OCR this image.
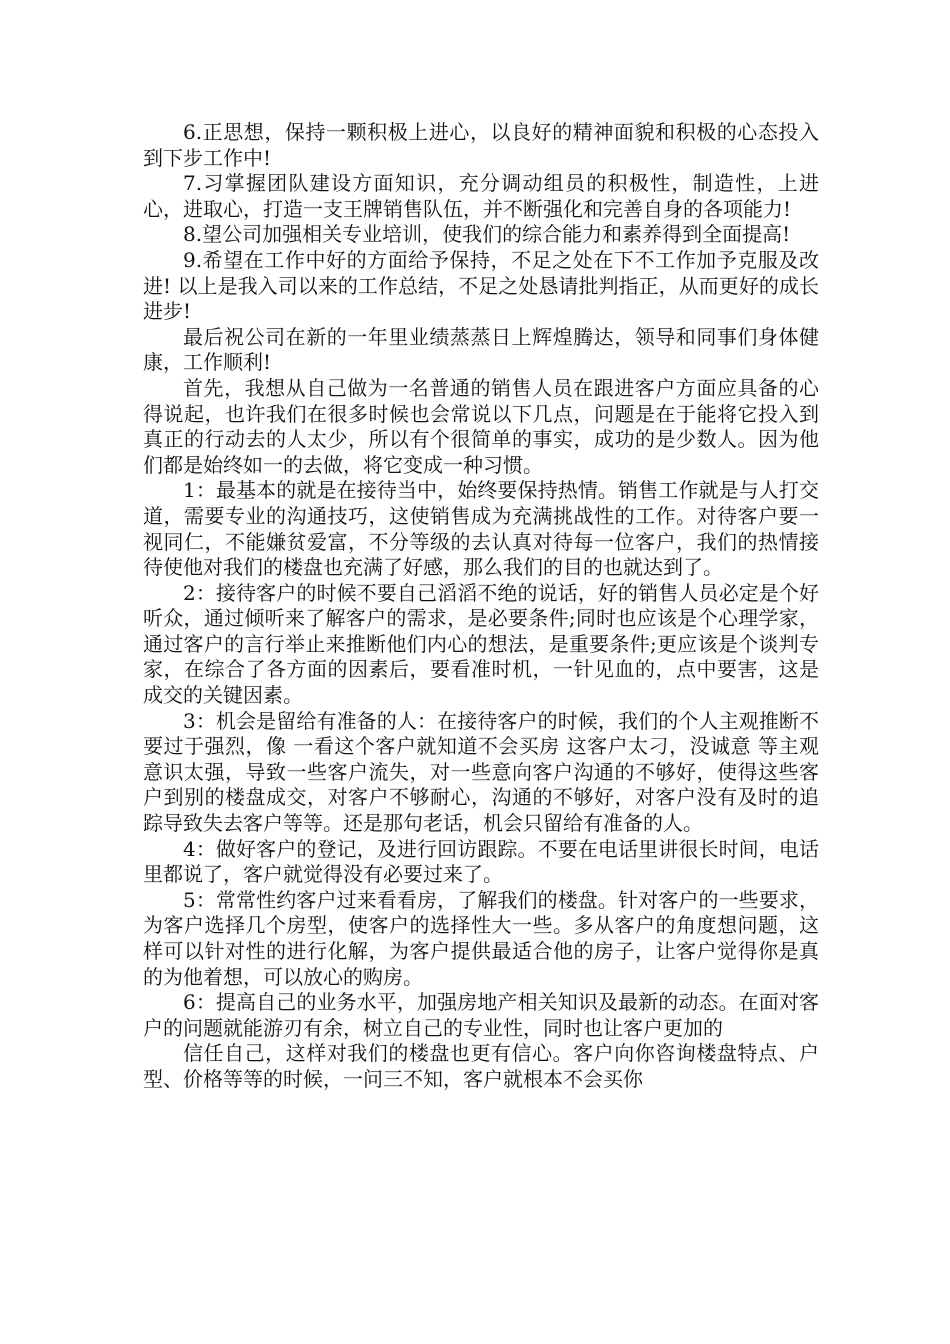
6.正思想，保持一颗积极上进心，以良好的精神面貌和积极的心态投入到下步工作中!

7.习掌握团队建设方面知识，充分调动组员的积极性，制造性，上进心，进取心，打造一支王牌销售队伍，并不断强化和完善自身的各项能力!

8.望公司加强相关专业培训，使我们的综合能力和素养得到全面提高!

9.希望在工作中好的方面给予保持，不足之处在下不工作加予克服及改进! 以上是我入司以来的工作总结，不足之处恳请批判指正，从而更好的成长进步!

最后祝公司在新的一年里业绩蒸蒸日上辉煌腾达，领导和同事们身体健康，工作顺利!

首先，我想从自己做为一名普通的销售人员在跟进客户方面应具备的心得说起，也许我们在很多时候也会常说以下几点，问题是在于能将它投入到真正的行动去的人太少，所以有个很简单的事实，成功的是少数人。因为他们都是始终如一的去做，将它变成一种习惯。

1：最基本的就是在接待当中，始终要保持热情。销售工作就是与人打交道，需要专业的沟通技巧，这使销售成为充满挑战性的工作。对待客户要一视同仁，不能嫌贫爱富，不分等级的去认真对待每一位客户，我们的热情接待使他对我们的楼盘也充满了好感，那么我们的目的也就达到了。

2：接待客户的时候不要自己滔滔不绝的说话，好的销售人员必定是个好听众，通过倾听来了解客户的需求，是必要条件;同时也应该是个心理学家，通过客户的言行举止来推断他们内心的想法，是重要条件;更应该是个谈判专家，在综合了各方面的因素后，要看准时机，一针见血的，点中要害，这是成交的关键因素。

3：机会是留给有准备的人：在接待客户的时候，我们的个人主观推断不要过于强烈，像 一看这个客户就知道不会买房 这客户太刁，没诚意 等主观意识太强，导致一些客户流失，对一些意向客户沟通的不够好，使得这些客户到别的楼盘成交，对客户不够耐心，沟通的不够好，对客户没有及时的追踪导致失去客户等等。还是那句老话，机会只留给有准备的人。

4：做好客户的登记，及进行回访跟踪。不要在电话里讲很长时间，电话里都说了，客户就觉得没有必要过来了。

5：常常性约客户过来看看房，了解我们的楼盘。针对客户的一些要求，为客户选择几个房型，使客户的选择性大一些。多从客户的角度想问题，这样可以针对性的进行化解，为客户提供最适合他的房子，让客户觉得你是真的为他着想，可以放心的购房。

6：提高自己的业务水平，加强房地产相关知识及最新的动态。在面对客户的问题就能游刃有余，树立自己的专业性，同时也让客户更加的

信任自己，这样对我们的楼盘也更有信心。客户向你咨询楼盘特点、户型、价格等等的时候，一问三不知，客户就根本不会买你
